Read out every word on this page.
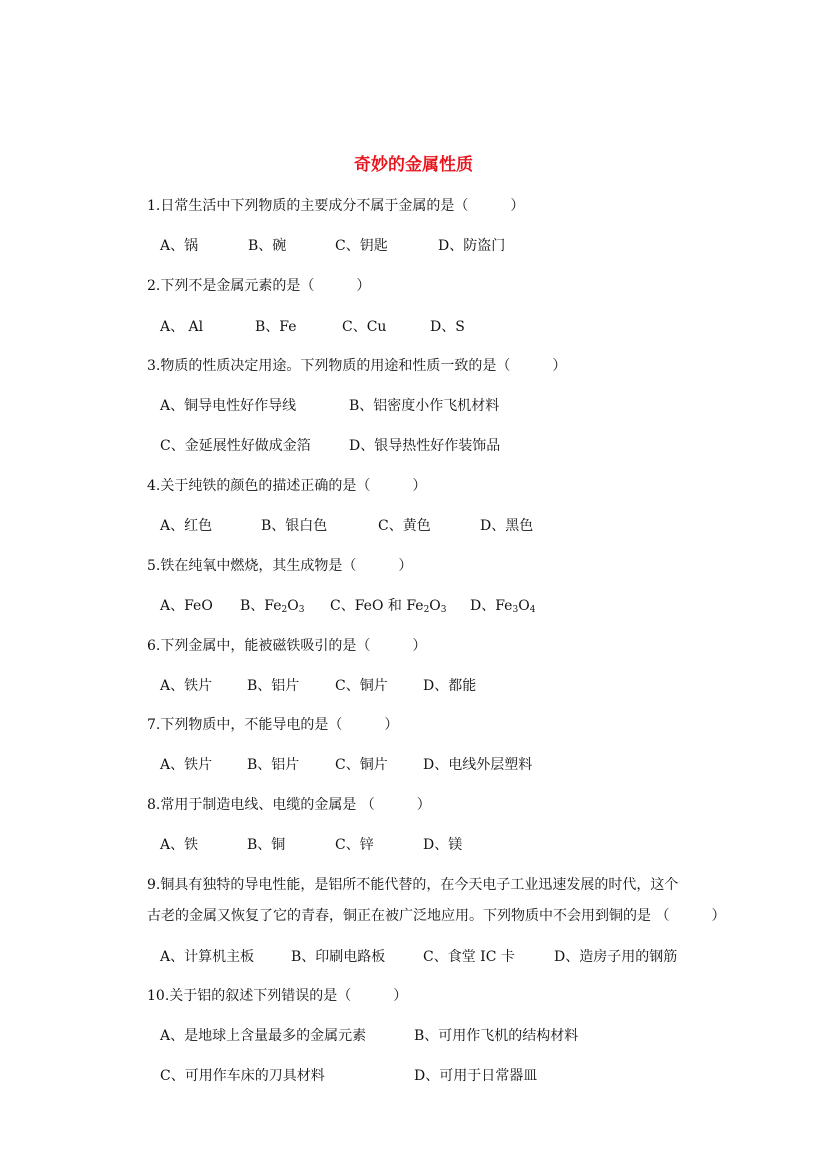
奇妙的金属性质
1.日常生活中下列物质的主要成分不属于金属的是（　　　）
A、锅	B、碗	C、钥匙	D、防盗门
2.下列不是金属元素的是（　　　）
A、 Al	B、Fe	C、Cu	D、S
3.物质的性质决定用途。下列物质的用途和性质一致的是（　　　）
A、铜导电性好作导线	B、铝密度小作飞机材料
C、金延展性好做成金箔	D、银导热性好作装饰品
4.关于纯铁的颜色的描述正确的是（　　　）
A、红色	B、银白色	C、黄色	D、黑色
5.铁在纯氧中燃烧，其生成物是（　　　）
A、FeO B、$Fe_2O_3$ C、FeO 和 $Fe_2O_3$ D、$Fe_3O_4$
6.下列金属中，能被磁铁吸引的是（　　　）
A、铁片 B、铝片	C、铜片	D、都能
7.下列物质中，不能导电的是（　　　）
A、铁片 B、铝片	C、铜片	D、电线外层塑料
8.常用于制造电线、电缆的金属是 （　　　）
A、铁	B、铜	C、锌	D、镁
9.铜具有独特的导电性能，是铝所不能代替的，在今天电子工业迅速发展的时代，这个
古老的金属又恢复了它的青春，铜正在被广泛地应用。下列物质中不会用到铜的是 （　　　）
A、计算机主板	B、印刷电路板	C、食堂 IC 卡	D、造房子用的钢筋
10.关于铝的叙述下列错误的是（　　　）
A、是地球上含量最多的金属元素	B、可用作飞机的结构材料
C、可用作车床的刀具材料	D、可用于日常器皿
